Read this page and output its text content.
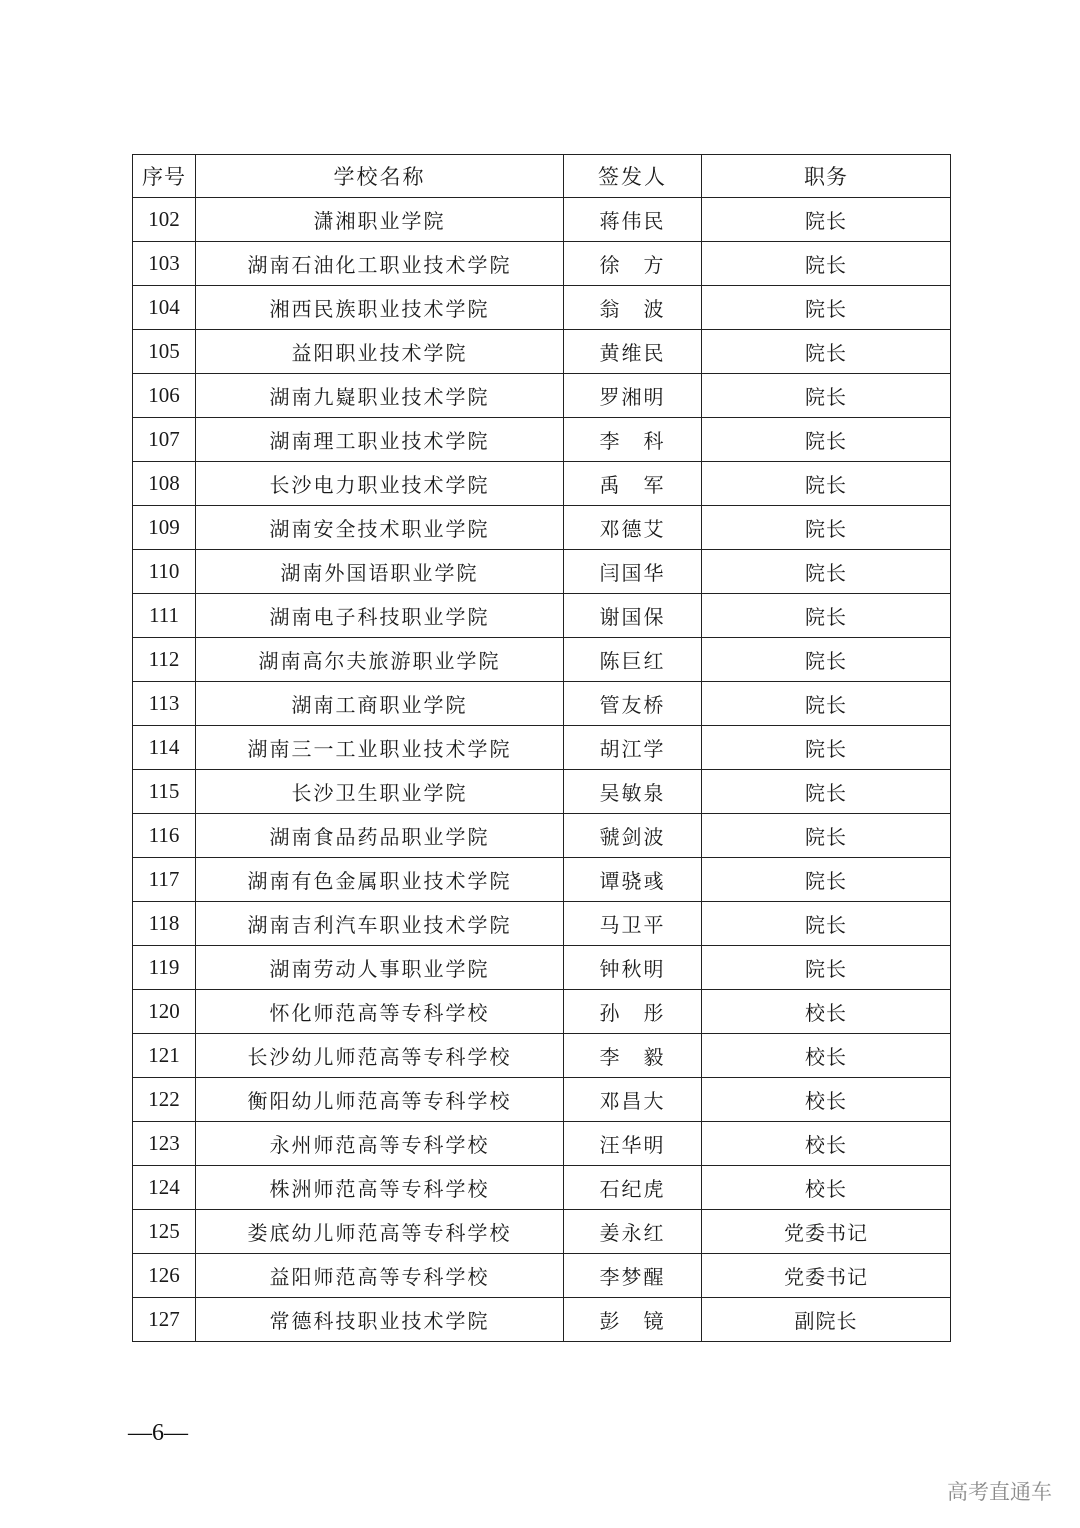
序号	学校名称	签发人	职务
102	潇湘职业学院	蒋伟民	院长
103	湖南石油化工职业技术学院	徐　方	院长
104	湘西民族职业技术学院	翁　波	院长
105	益阳职业技术学院	黄维民	院长
106	湖南九嶷职业技术学院	罗湘明	院长
107	湖南理工职业技术学院	李　科	院长
108	长沙电力职业技术学院	禹　军	院长
109	湖南安全技术职业学院	邓德艾	院长
110	湖南外国语职业学院	闫国华	院长
111	湖南电子科技职业学院	谢国保	院长
112	湖南高尔夫旅游职业学院	陈巨红	院长
113	湖南工商职业学院	管友桥	院长
114	湖南三一工业职业技术学院	胡江学	院长
115	长沙卫生职业学院	吴敏泉	院长
116	湖南食品药品职业学院	虢剑波	院长
117	湖南有色金属职业技术学院	谭骁彧	院长
118	湖南吉利汽车职业技术学院	马卫平	院长
119	湖南劳动人事职业学院	钟秋明	院长
120	怀化师范高等专科学校	孙　彤	校长
121	长沙幼儿师范高等专科学校	李　毅	校长
122	衡阳幼儿师范高等专科学校	邓昌大	校长
123	永州师范高等专科学校	汪华明	校长
124	株洲师范高等专科学校	石纪虎	校长
125	娄底幼儿师范高等专科学校	姜永红	党委书记
126	益阳师范高等专科学校	李梦醒	党委书记
127	常德科技职业技术学院	彭　镜	副院长
—6—
高考直通车
